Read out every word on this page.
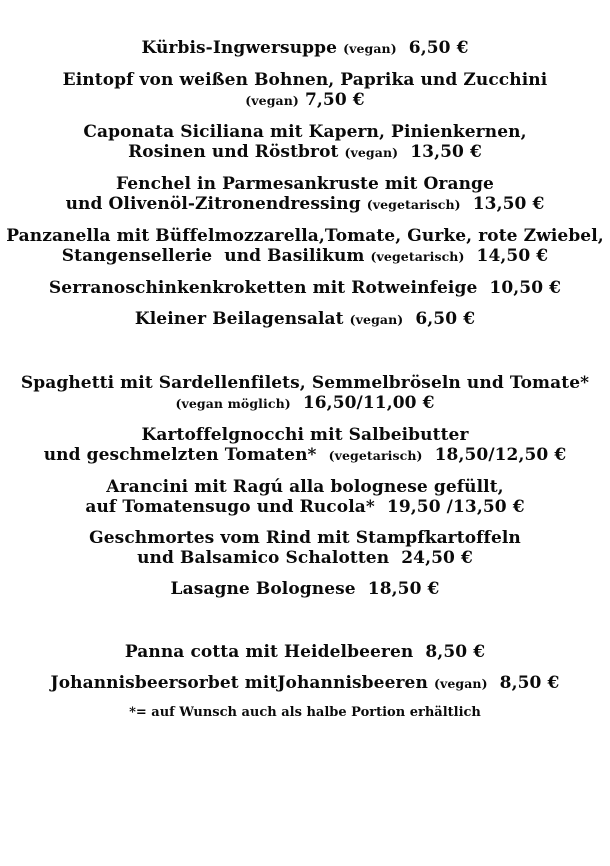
Kürbis-Ingwersuppe (vegan)  6,50 €

Eintopf von weißen Bohnen, Paprika und Zucchini
(vegan) 7,50 €

Caponata Siciliana mit Kapern, Pinienkernen,
Rosinen und Röstbrot (vegan)  13,50 €

Fenchel in Parmesankruste mit Orange
und Olivenöl-Zitronendressing (vegetarisch)  13,50 €

Panzanella mit Büffelmozzarella,Tomate, Gurke, rote Zwiebel,
Stangensellerie  und Basilikum (vegetarisch)  14,50 €

Serranoschinkenkroketten mit Rotweinfeige  10,50 €

Kleiner Beilagensalat (vegan)  6,50 €

Spaghetti mit Sardellenfilets, Semmelbröseln und Tomate*
(vegan möglich)  16,50/11,00 €

Kartoffelgnocchi mit Salbeibutter
und geschmelzten Tomaten*  (vegetarisch)  18,50/12,50 €

Arancini mit Ragú alla bolognese gefüllt,
auf Tomatensugo und Rucola*  19,50 /13,50 €

Geschmortes vom Rind mit Stampfkartoffeln
und Balsamico Schalotten  24,50 €

Lasagne Bolognese  18,50 €

Panna cotta mit Heidelbeeren  8,50 €

Johannisbeersorbet mitJohannisbeeren (vegan)  8,50 €

*= auf Wunsch auch als halbe Portion erhältlich
